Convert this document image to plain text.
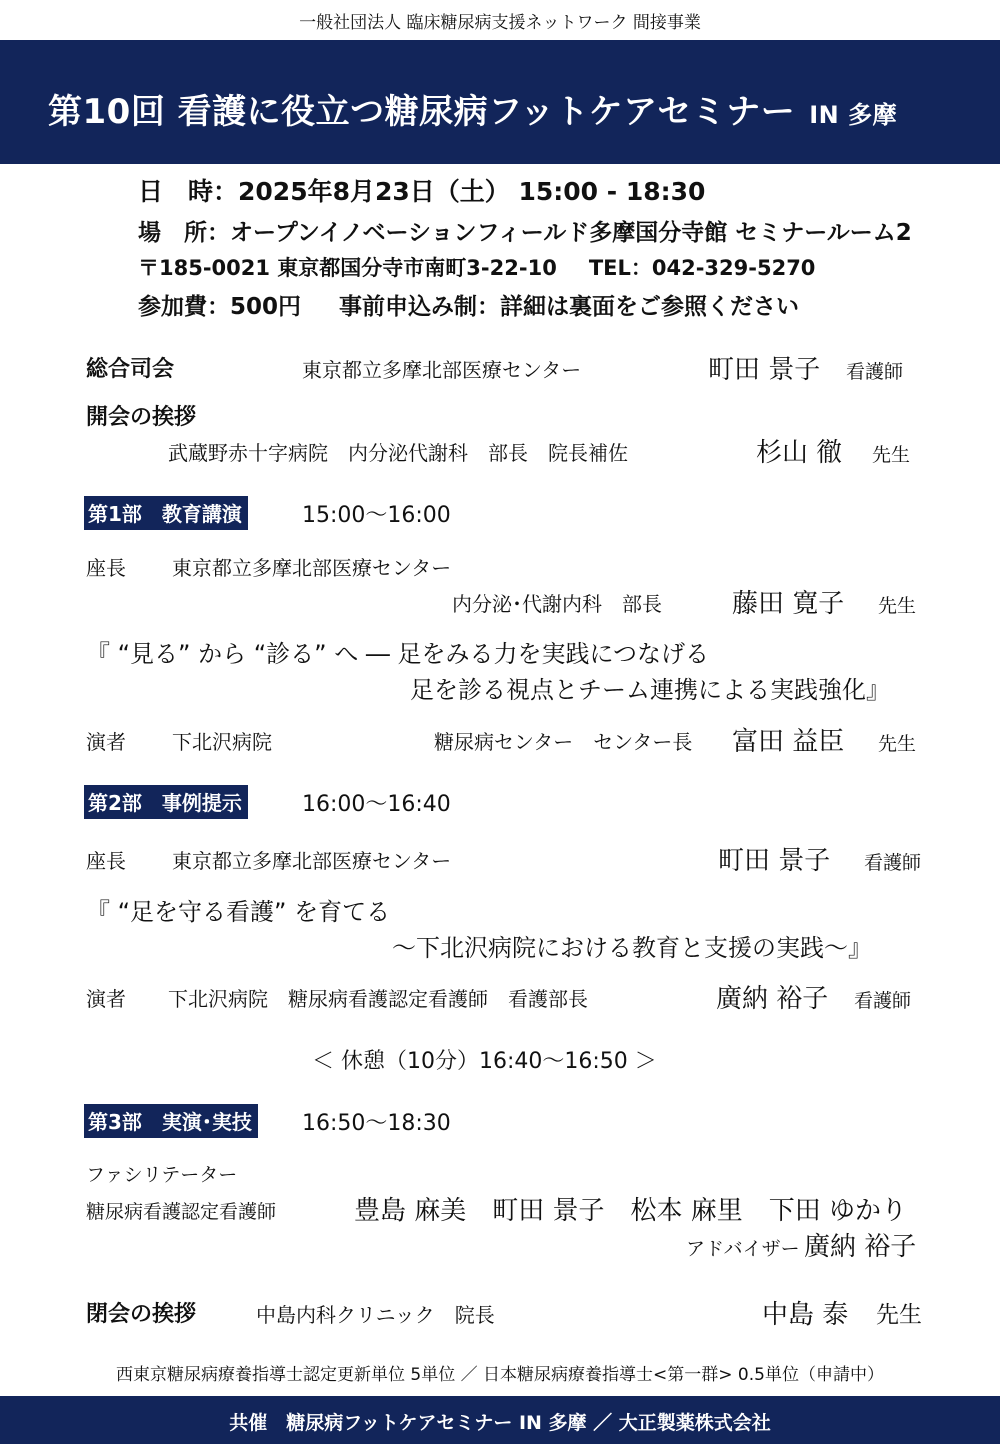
一般社団法人 臨床糖尿病支援ネットワーク 間接事業
第10回 看護に役立つ糖尿病フットケアセミナー IN 多摩
日　時：2025年8月23日（土） 15:00 - 18:30
場　所：オープンイノベーションフィールド多摩国分寺館 セミナールーム2
〒185-0021 東京都国分寺市南町3-22-10 TEL：042-329-5270
参加費：500円 事前申込み制：詳細は裏面をご参照ください
総合司会	東京都立多摩北部医療センター	町田 景子 看護師
開会の挨拶
武蔵野赤十字病院　内分泌代謝科　部長　院長補佐	杉山 徹 先生
第1部　教育講演	15:00～16:00
座長 東京都立多摩北部医療センター
内分泌･代謝内科　部長	藤田 寛子 先生
『 “見る” から “診る” へ ― 足をみる力を実践につなげる
足を診る視点とチーム連携による実践強化』
演者 下北沢病院	糖尿病センター　センター長 富田 益臣 先生
第2部　事例提示	16:00～16:40
座長 東京都立多摩北部医療センター	町田 景子 看護師
『 “足を守る看護” を育てる
～下北沢病院における教育と支援の実践～』
演者 下北沢病院　糖尿病看護認定看護師　看護部長	廣納 裕子 看護師
＜ 休憩（10分）16:40～16:50 ＞
第3部　実演･実技 16:50～18:30
ファシリテーター
糖尿病看護認定看護師	豊島 麻美　町田 景子　松本 麻里　下田 ゆかり
アドバイザー 廣納 裕子
閉会の挨拶	中島内科クリニック　院長	中島 泰 先生
西東京糖尿病療養指導士認定更新単位 5単位 ／ 日本糖尿病療養指導士<第一群> 0.5単位（申請中）
共催　糖尿病フットケアセミナー IN 多摩 ／ 大正製薬株式会社
